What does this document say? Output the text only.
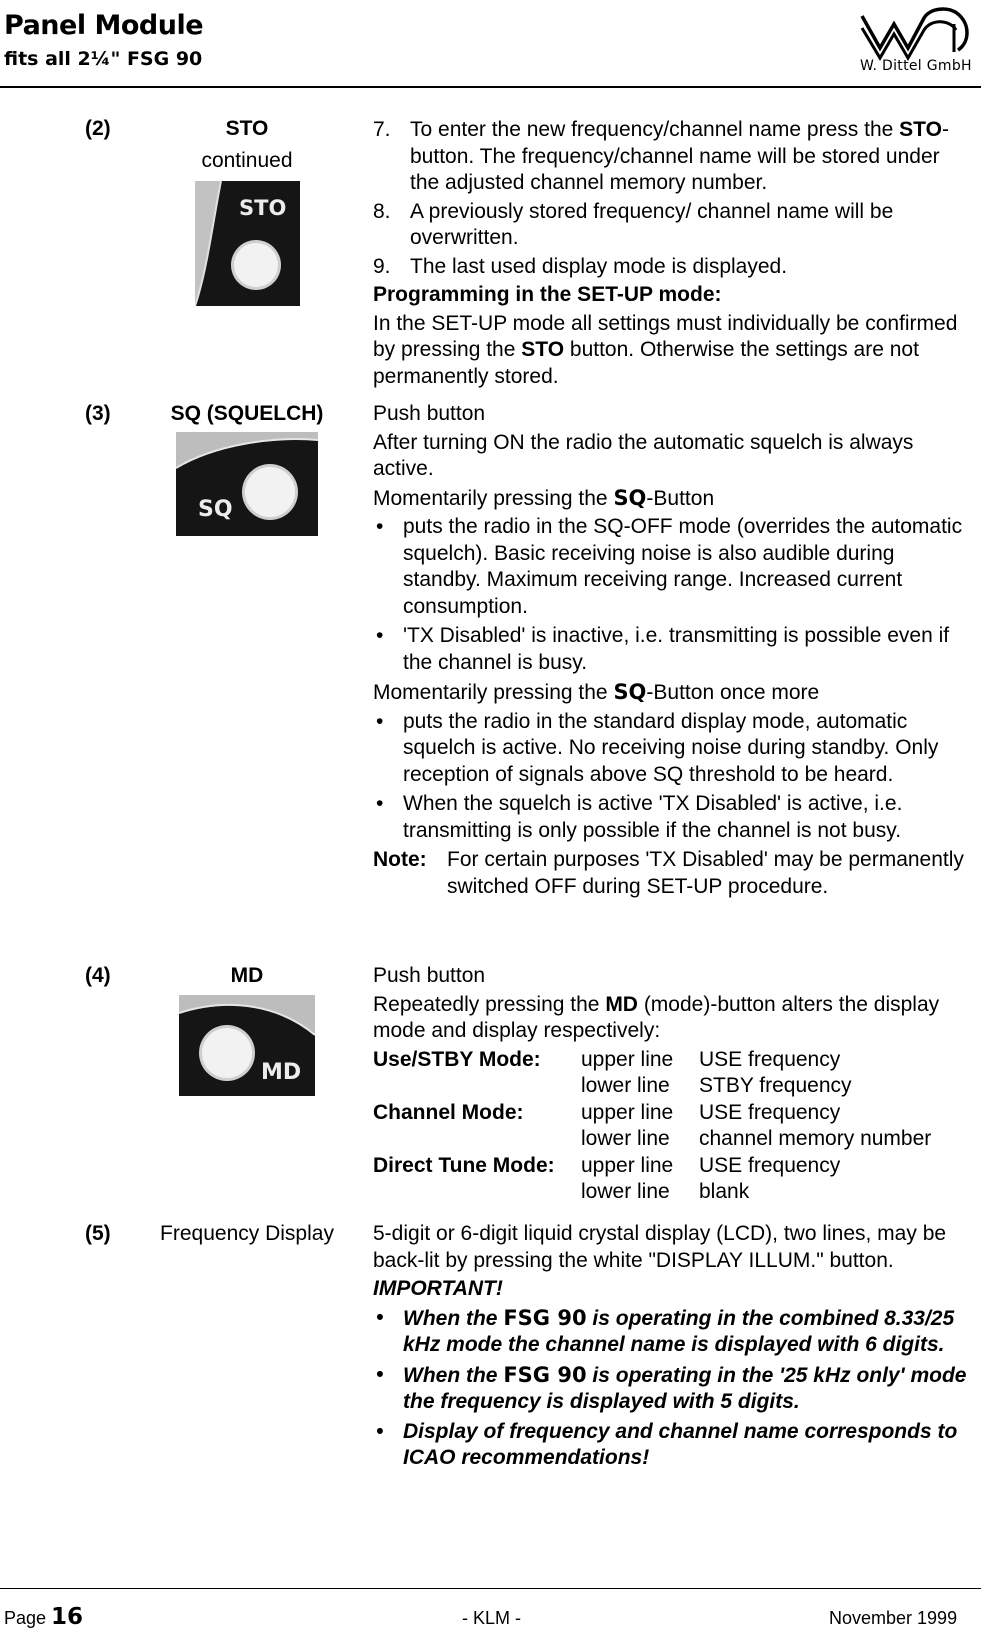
Panel Module
fits all 2¼" FSG 90	W. Dittel GmbH
(2)	STO
continued
STO
7. To enter the new frequency/channel name press the STO-button. The frequency/channel name will be stored under the adjusted channel memory number.
8. A previously stored frequency/ channel name will be overwritten.
9. The last used display mode is displayed.

Programming in the SET-UP mode:

In the SET-UP mode all settings must individually be confirmed by pressing the STO button. Otherwise the settings are not permanently stored.

(3)	SQ (SQUELCH)
SQ

Push button

After turning ON the radio the automatic squelch is always active.

Momentarily pressing the SQ-Button

• puts the radio in the SQ-OFF mode (overrides the automatic squelch). Basic receiving noise is also audible during standby. Maximum receiving range. Increased current consumption.
• 'TX Disabled' is inactive, i.e. transmitting is possible even if the channel is busy.

Momentarily pressing the SQ-Button once more

• puts the radio in the standard display mode, automatic squelch is active. No receiving noise during standby. Only reception of signals above SQ threshold to be heard.
• When the squelch is active 'TX Disabled' is active, i.e. transmitting is only possible if the channel is not busy.

Note: For certain purposes 'TX Disabled' may be permanently switched OFF during SET-UP procedure.

(4)	MD
MD

Push button

Repeatedly pressing the MD (mode)-button alters the display mode and display respectively:

Use/STBY Mode:	upper line	USE frequency
	lower line	STBY frequency
Channel Mode:	upper line	USE frequency
	lower line	channel memory number
Direct Tune Mode:	upper line	USE frequency
	lower line	blank
(5)	Frequency Display	5-digit or 6-digit liquid crystal display (LCD), two lines, may be back-lit by pressing the white "DISPLAY ILLUM." button.

IMPORTANT!

• When the FSG 90 is operating in the combined 8.33/25 kHz mode the channel name is displayed with 6 digits.
• When the FSG 90 is operating in the '25 kHz only' mode the frequency is displayed with 5 digits.
• Display of frequency and channel name corresponds to ICAO recommendations!
Page 16	- KLM -	November 1999
